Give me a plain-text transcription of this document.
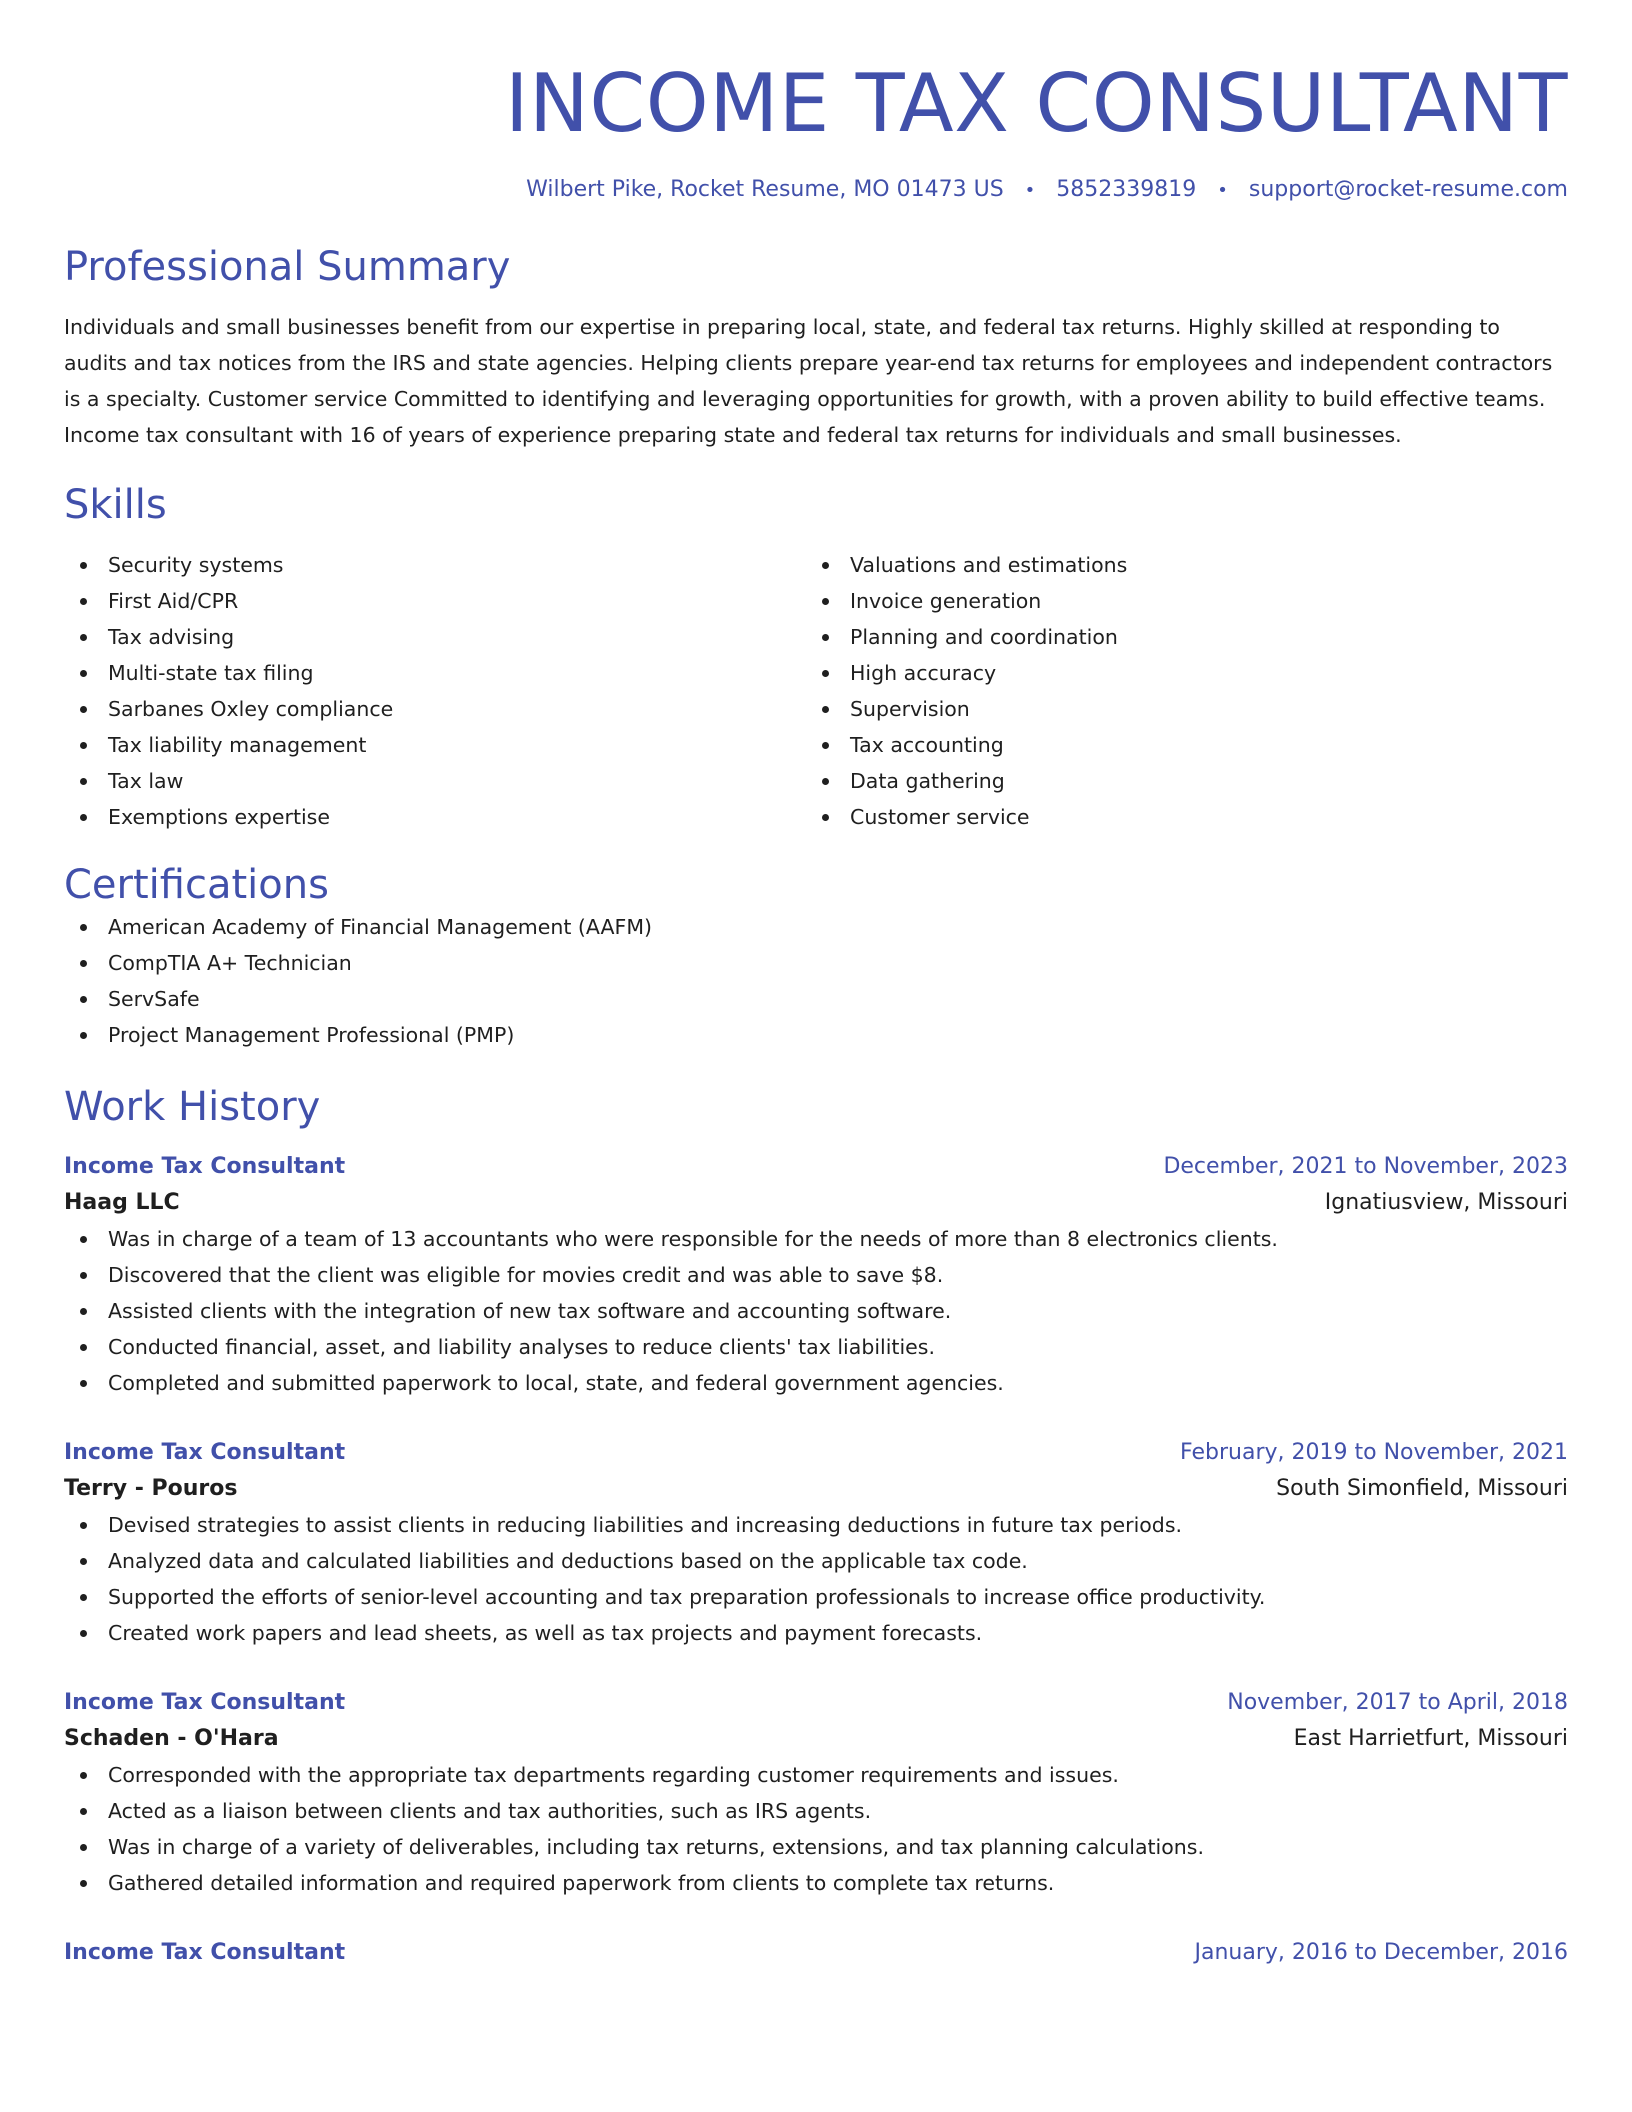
INCOME TAX CONSULTANT
Wilbert Pike, Rocket Resume, MO 01473 US • 5852339819 • support@rocket-resume.com
Professional Summary

Individuals and small businesses benefit from our expertise in preparing local, state, and federal tax returns. Highly skilled at responding to audits and tax notices from the IRS and state agencies. Helping clients prepare year-end tax returns for employees and independent contractors is a specialty. Customer service Committed to identifying and leveraging opportunities for growth, with a proven ability to build effective teams. Income tax consultant with 16 of years of experience preparing state and federal tax returns for individuals and small businesses.

Skills
Security systems
First Aid/CPR
Tax advising
Multi-state tax filing
Sarbanes Oxley compliance
Tax liability management
Tax law
Exemptions expertise
Valuations and estimations
Invoice generation
Planning and coordination
High accuracy
Supervision
Tax accounting
Data gathering
Customer service
Certifications
American Academy of Financial Management (AAFM)
CompTIA A+ Technician
ServSafe
Project Management Professional (PMP)
Work History
Income Tax Consultant	December, 2021 to November, 2023
Haag LLC	Ignatiusview, Missouri
Was in charge of a team of 13 accountants who were responsible for the needs of more than 8 electronics clients.
Discovered that the client was eligible for movies credit and was able to save $8.
Assisted clients with the integration of new tax software and accounting software.
Conducted financial, asset, and liability analyses to reduce clients' tax liabilities.
Completed and submitted paperwork to local, state, and federal government agencies.
Income Tax Consultant	February, 2019 to November, 2021
Terry - Pouros	South Simonfield, Missouri
Devised strategies to assist clients in reducing liabilities and increasing deductions in future tax periods.
Analyzed data and calculated liabilities and deductions based on the applicable tax code.
Supported the efforts of senior-level accounting and tax preparation professionals to increase office productivity.
Created work papers and lead sheets, as well as tax projects and payment forecasts.
Income Tax Consultant	November, 2017 to April, 2018
Schaden - O'Hara	East Harrietfurt, Missouri
Corresponded with the appropriate tax departments regarding customer requirements and issues.
Acted as a liaison between clients and tax authorities, such as IRS agents.
Was in charge of a variety of deliverables, including tax returns, extensions, and tax planning calculations.
Gathered detailed information and required paperwork from clients to complete tax returns.
Income Tax Consultant	January, 2016 to December, 2016
